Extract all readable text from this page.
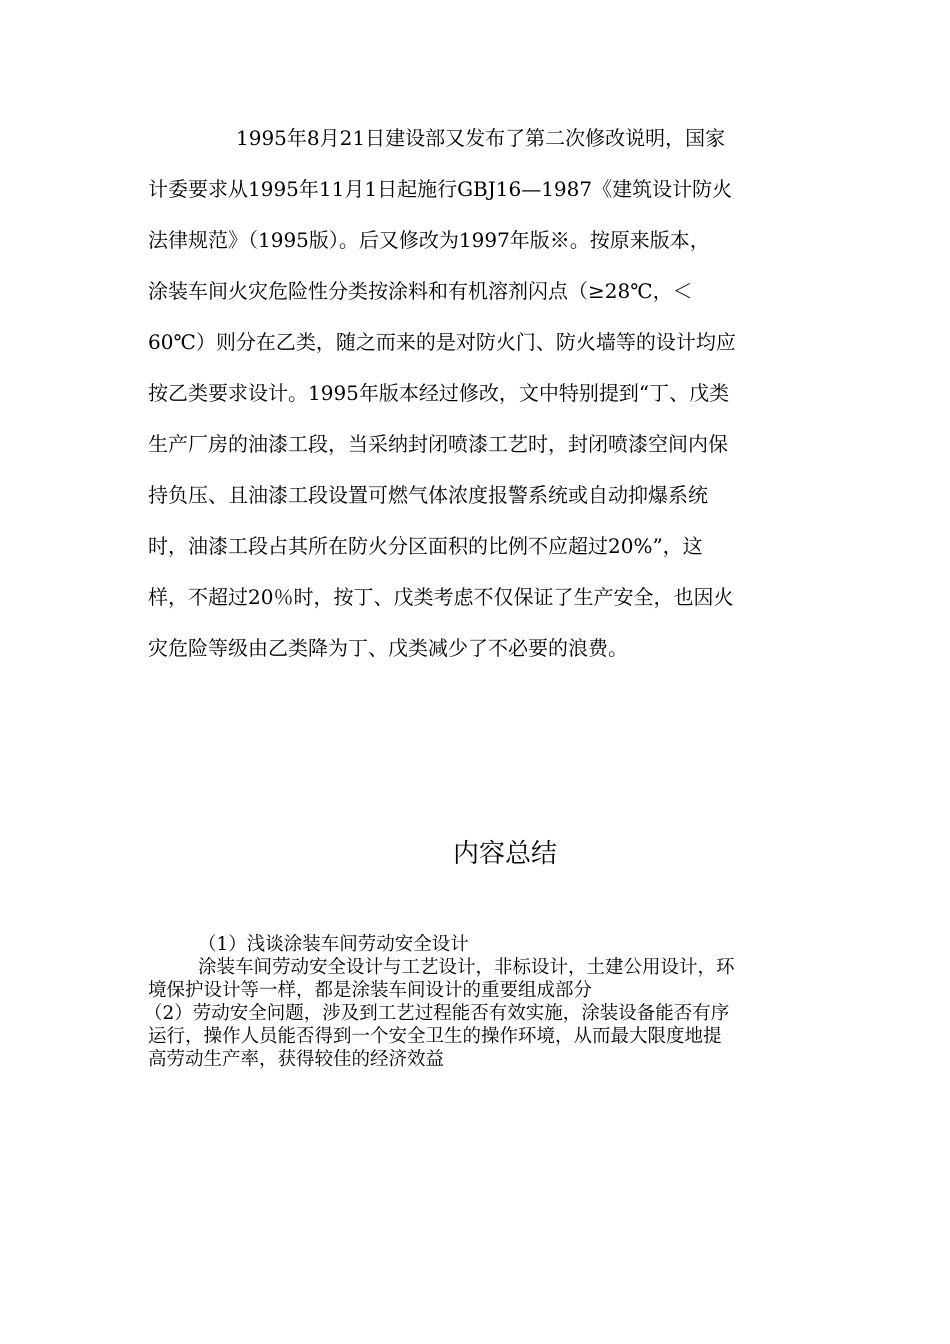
1995年8月21日建设部又发布了第二次修改说明，国家
计委要求从1995年11月1日起施行GBJ16—1987《建筑设计防火
法律规范》（1995版）。后又修改为1997年版※。按原来版本，
涂装车间火灾危险性分类按涂料和有机溶剂闪点（≥28℃，＜
60℃）则分在乙类，随之而来的是对防火门、防火墙等的设计均应
按乙类要求设计。1995年版本经过修改，文中特别提到“丁、戊类
生产厂房的油漆工段，当采纳封闭喷漆工艺时，封闭喷漆空间内保
持负压、且油漆工段设置可燃气体浓度报警系统或自动抑爆系统
时，油漆工段占其所在防火分区面积的比例不应超过20%”，这
样，不超过20％时，按丁、戊类考虑不仅保证了生产安全，也因火
灾危险等级由乙类降为丁、戊类减少了不必要的浪费。
内容总结
（1）浅谈涂装车间劳动安全设计
涂装车间劳动安全设计与工艺设计，非标设计，土建公用设计，环
境保护设计等一样，都是涂装车间设计的重要组成部分
（2）劳动安全问题，涉及到工艺过程能否有效实施，涂装设备能否有序
运行，操作人员能否得到一个安全卫生的操作环境，从而最大限度地提
高劳动生产率，获得较佳的经济效益
